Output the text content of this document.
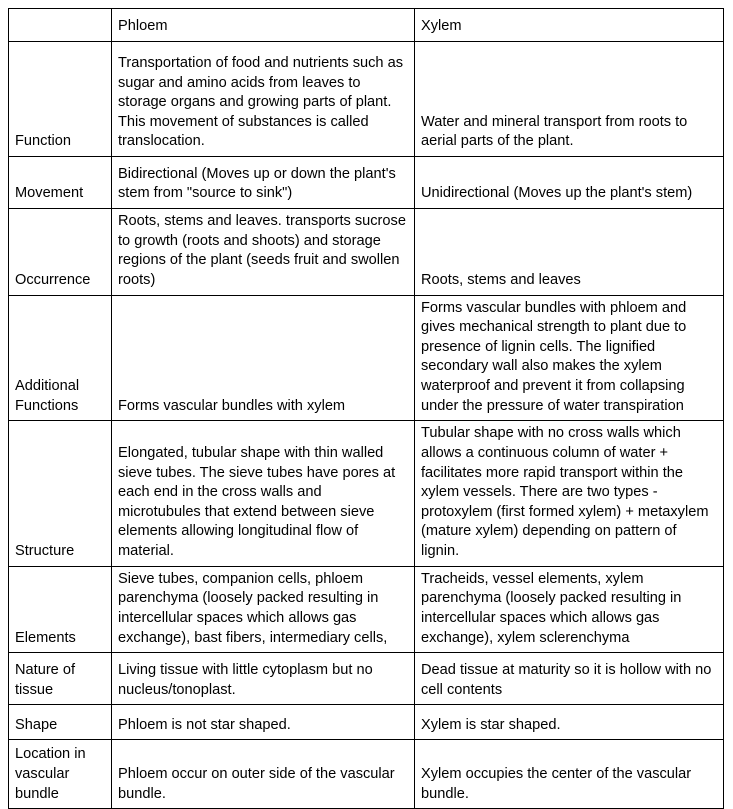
	Phloem	Xylem
Function	Transportation of food and nutrients such as sugar and amino acids from leaves to storage organs and growing parts of plant. This movement of substances is called translocation.	Water and mineral transport from roots to aerial parts of the plant.
Movement	Bidirectional (Moves up or down the plant's stem from "source to sink")	Unidirectional (Moves up the plant's stem)
Occurrence	Roots, stems and leaves. transports sucrose to growth (roots and shoots) and storage regions of the plant (seeds fruit and swollen roots)	Roots, stems and leaves
Additional Functions	Forms vascular bundles with xylem	Forms vascular bundles with phloem and gives mechanical strength to plant due to presence of lignin cells. The lignified secondary wall also makes the xylem waterproof and prevent it from collapsing under the pressure of water transpiration
Structure	Elongated, tubular shape with thin walled sieve tubes. The sieve tubes have pores at each end in the cross walls and microtubules that extend between sieve elements allowing longitudinal flow of material.	Tubular shape with no cross walls which allows a continuous column of water + facilitates more rapid transport within the xylem vessels. There are two types - protoxylem (first formed xylem) + metaxylem (mature xylem) depending on pattern of lignin.
Elements	Sieve tubes, companion cells, phloem parenchyma (loosely packed resulting in intercellular spaces which allows gas exchange), bast fibers, intermediary cells,	Tracheids, vessel elements, xylem parenchyma (loosely packed resulting in intercellular spaces which allows gas exchange), xylem sclerenchyma
Nature of tissue	Living tissue with little cytoplasm but no nucleus/tonoplast.	Dead tissue at maturity so it is hollow with no cell contents
Shape	Phloem is not star shaped.	Xylem is star shaped.
Location in vascular bundle	Phloem occur on outer side of the vascular bundle.	Xylem occupies the center of the vascular bundle.
